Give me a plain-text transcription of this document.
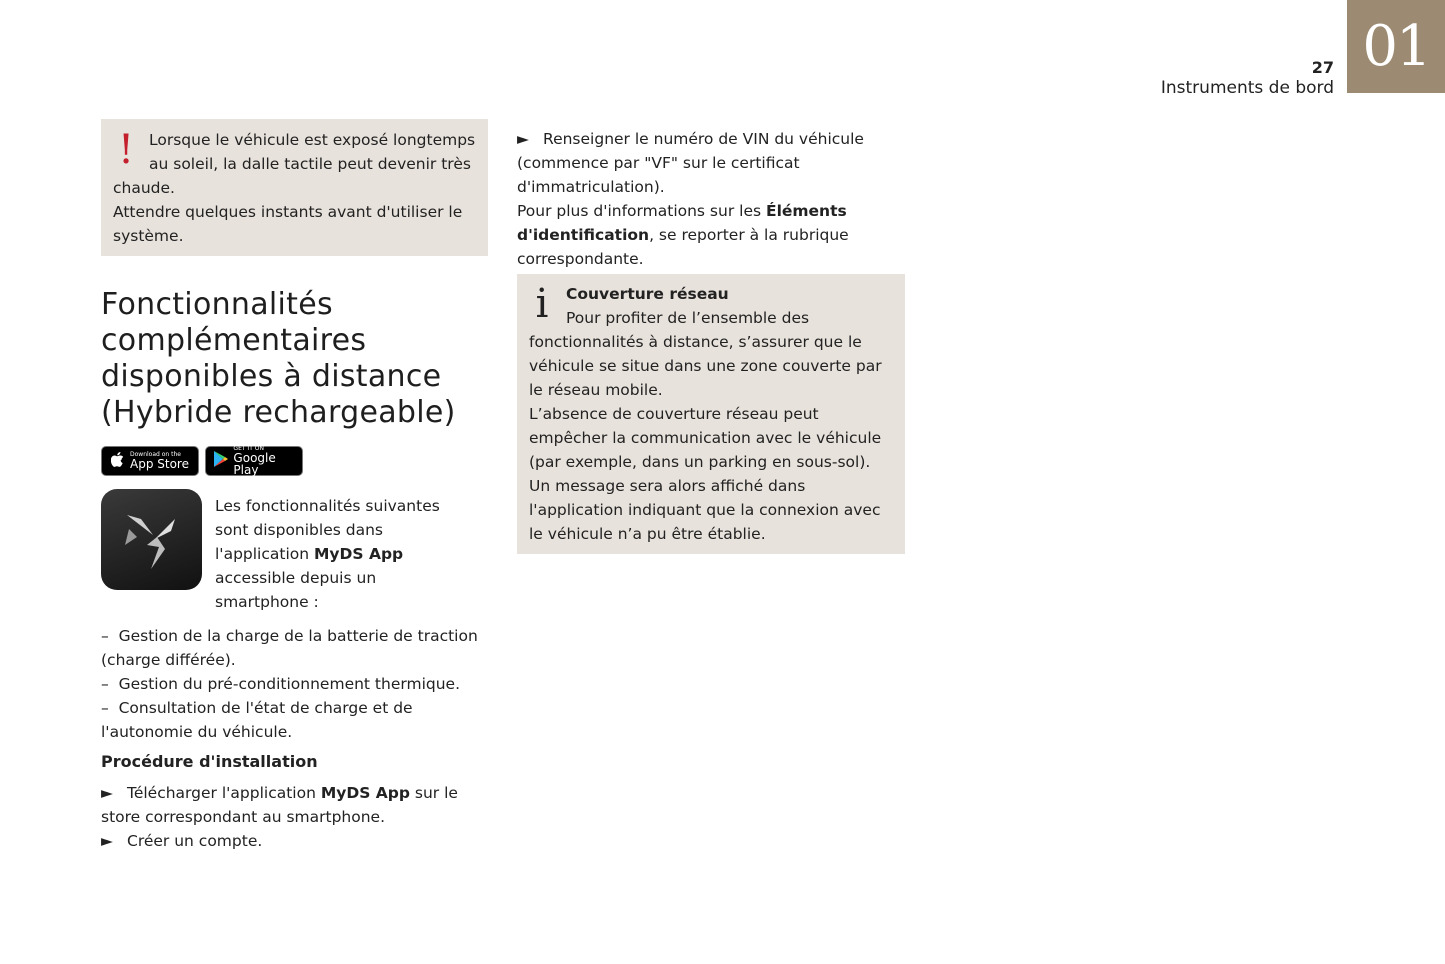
01
27
Instruments de bord
! Lorsque le véhicule est exposé longtemps au soleil, la dalle tactile peut devenir très chaude.

Attendre quelques instants avant d'utiliser le système.

Fonctionnalités complémentaires disponibles à distance (Hybride rechargeable)
Download on the
App Store
GET IT ON
Google Play
Les fonctionnalités suivantes sont disponibles dans l'application MyDS App accessible depuis un smartphone :

–  Gestion de la charge de la batterie de traction (charge différée).

–  Gestion du pré-conditionnement thermique.

–  Consultation de l'état de charge et de l'autonomie du véhicule.

Procédure d'installation

► Télécharger l'application MyDS App sur le store correspondant au smartphone.

► Créer un compte.

► Renseigner le numéro de VIN du véhicule (commence par "VF" sur le certificat d'immatriculation).

Pour plus d'informations sur les Éléments d'identification, se reporter à la rubrique correspondante.

i	Couverture réseau

Pour profiter de l’ensemble des fonctionnalités à distance, s’assurer que le véhicule se situe dans une zone couverte par le réseau mobile.

L’absence de couverture réseau peut empêcher la communication avec le véhicule (par exemple, dans un parking en sous-sol). Un message sera alors affiché dans l'application indiquant que la connexion avec le véhicule n’a pu être établie.
